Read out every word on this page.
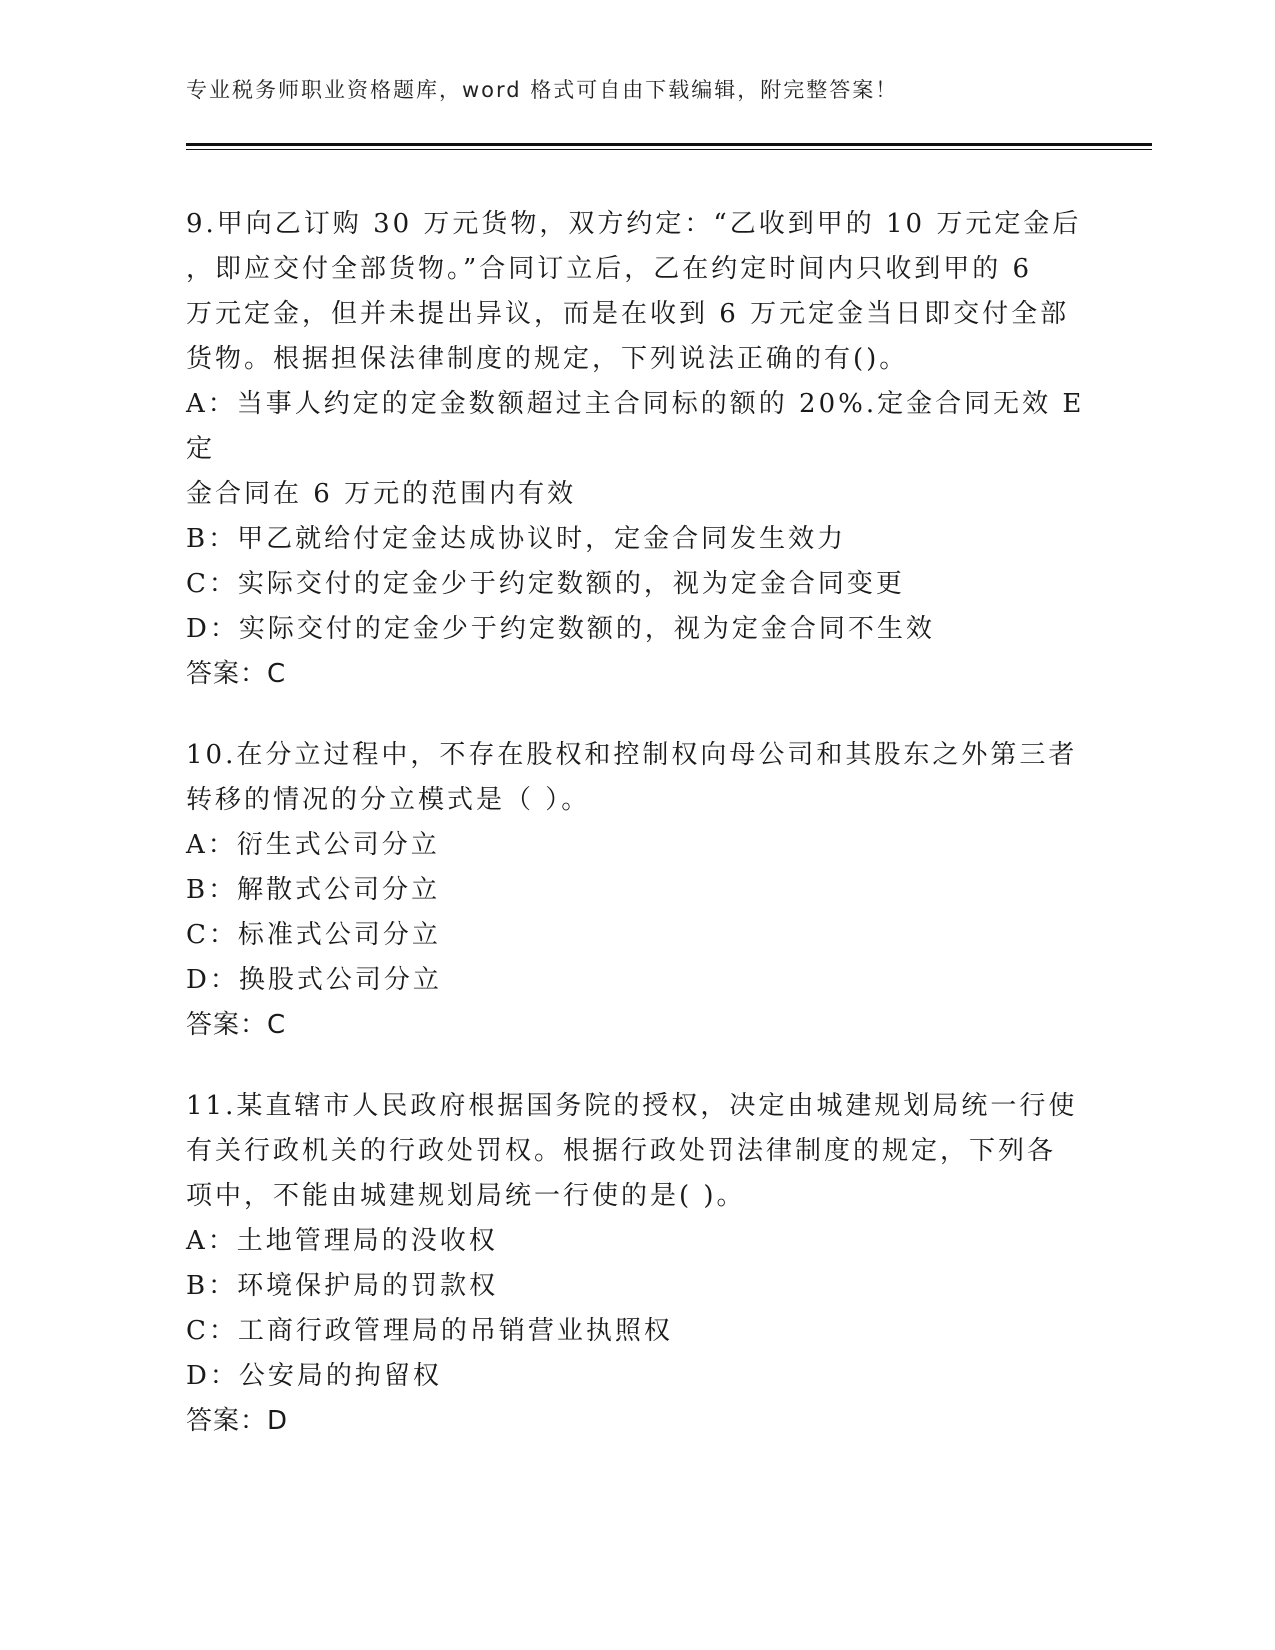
专业税务师职业资格题库，word 格式可自由下载编辑，附完整答案！

9.甲向乙订购 30 万元货物，双方约定：“乙收到甲的 10 万元定金后

，即应交付全部货物。”合同订立后，乙在约定时间内只收到甲的 6

万元定金，但并未提出异议，而是在收到 6 万元定金当日即交付全部

货物。根据担保法律制度的规定，下列说法正确的有()。

A：当事人约定的定金数额超过主合同标的额的 20%.定金合同无效 E 定

金合同在 6 万元的范围内有效

B：甲乙就给付定金达成协议时，定金合同发生效力

C：实际交付的定金少于约定数额的，视为定金合同变更

D：实际交付的定金少于约定数额的，视为定金合同不生效

答案：C

10.在分立过程中，不存在股权和控制权向母公司和其股东之外第三者

转移的情况的分立模式是（ ）。

A：衍生式公司分立

B：解散式公司分立

C：标准式公司分立

D：换股式公司分立

答案：C

11.某直辖市人民政府根据国务院的授权，决定由城建规划局统一行使

有关行政机关的行政处罚权。根据行政处罚法律制度的规定，下列各

项中，不能由城建规划局统一行使的是( )。

A：土地管理局的没收权

B：环境保护局的罚款权

C：工商行政管理局的吊销营业执照权

D：公安局的拘留权

答案：D
